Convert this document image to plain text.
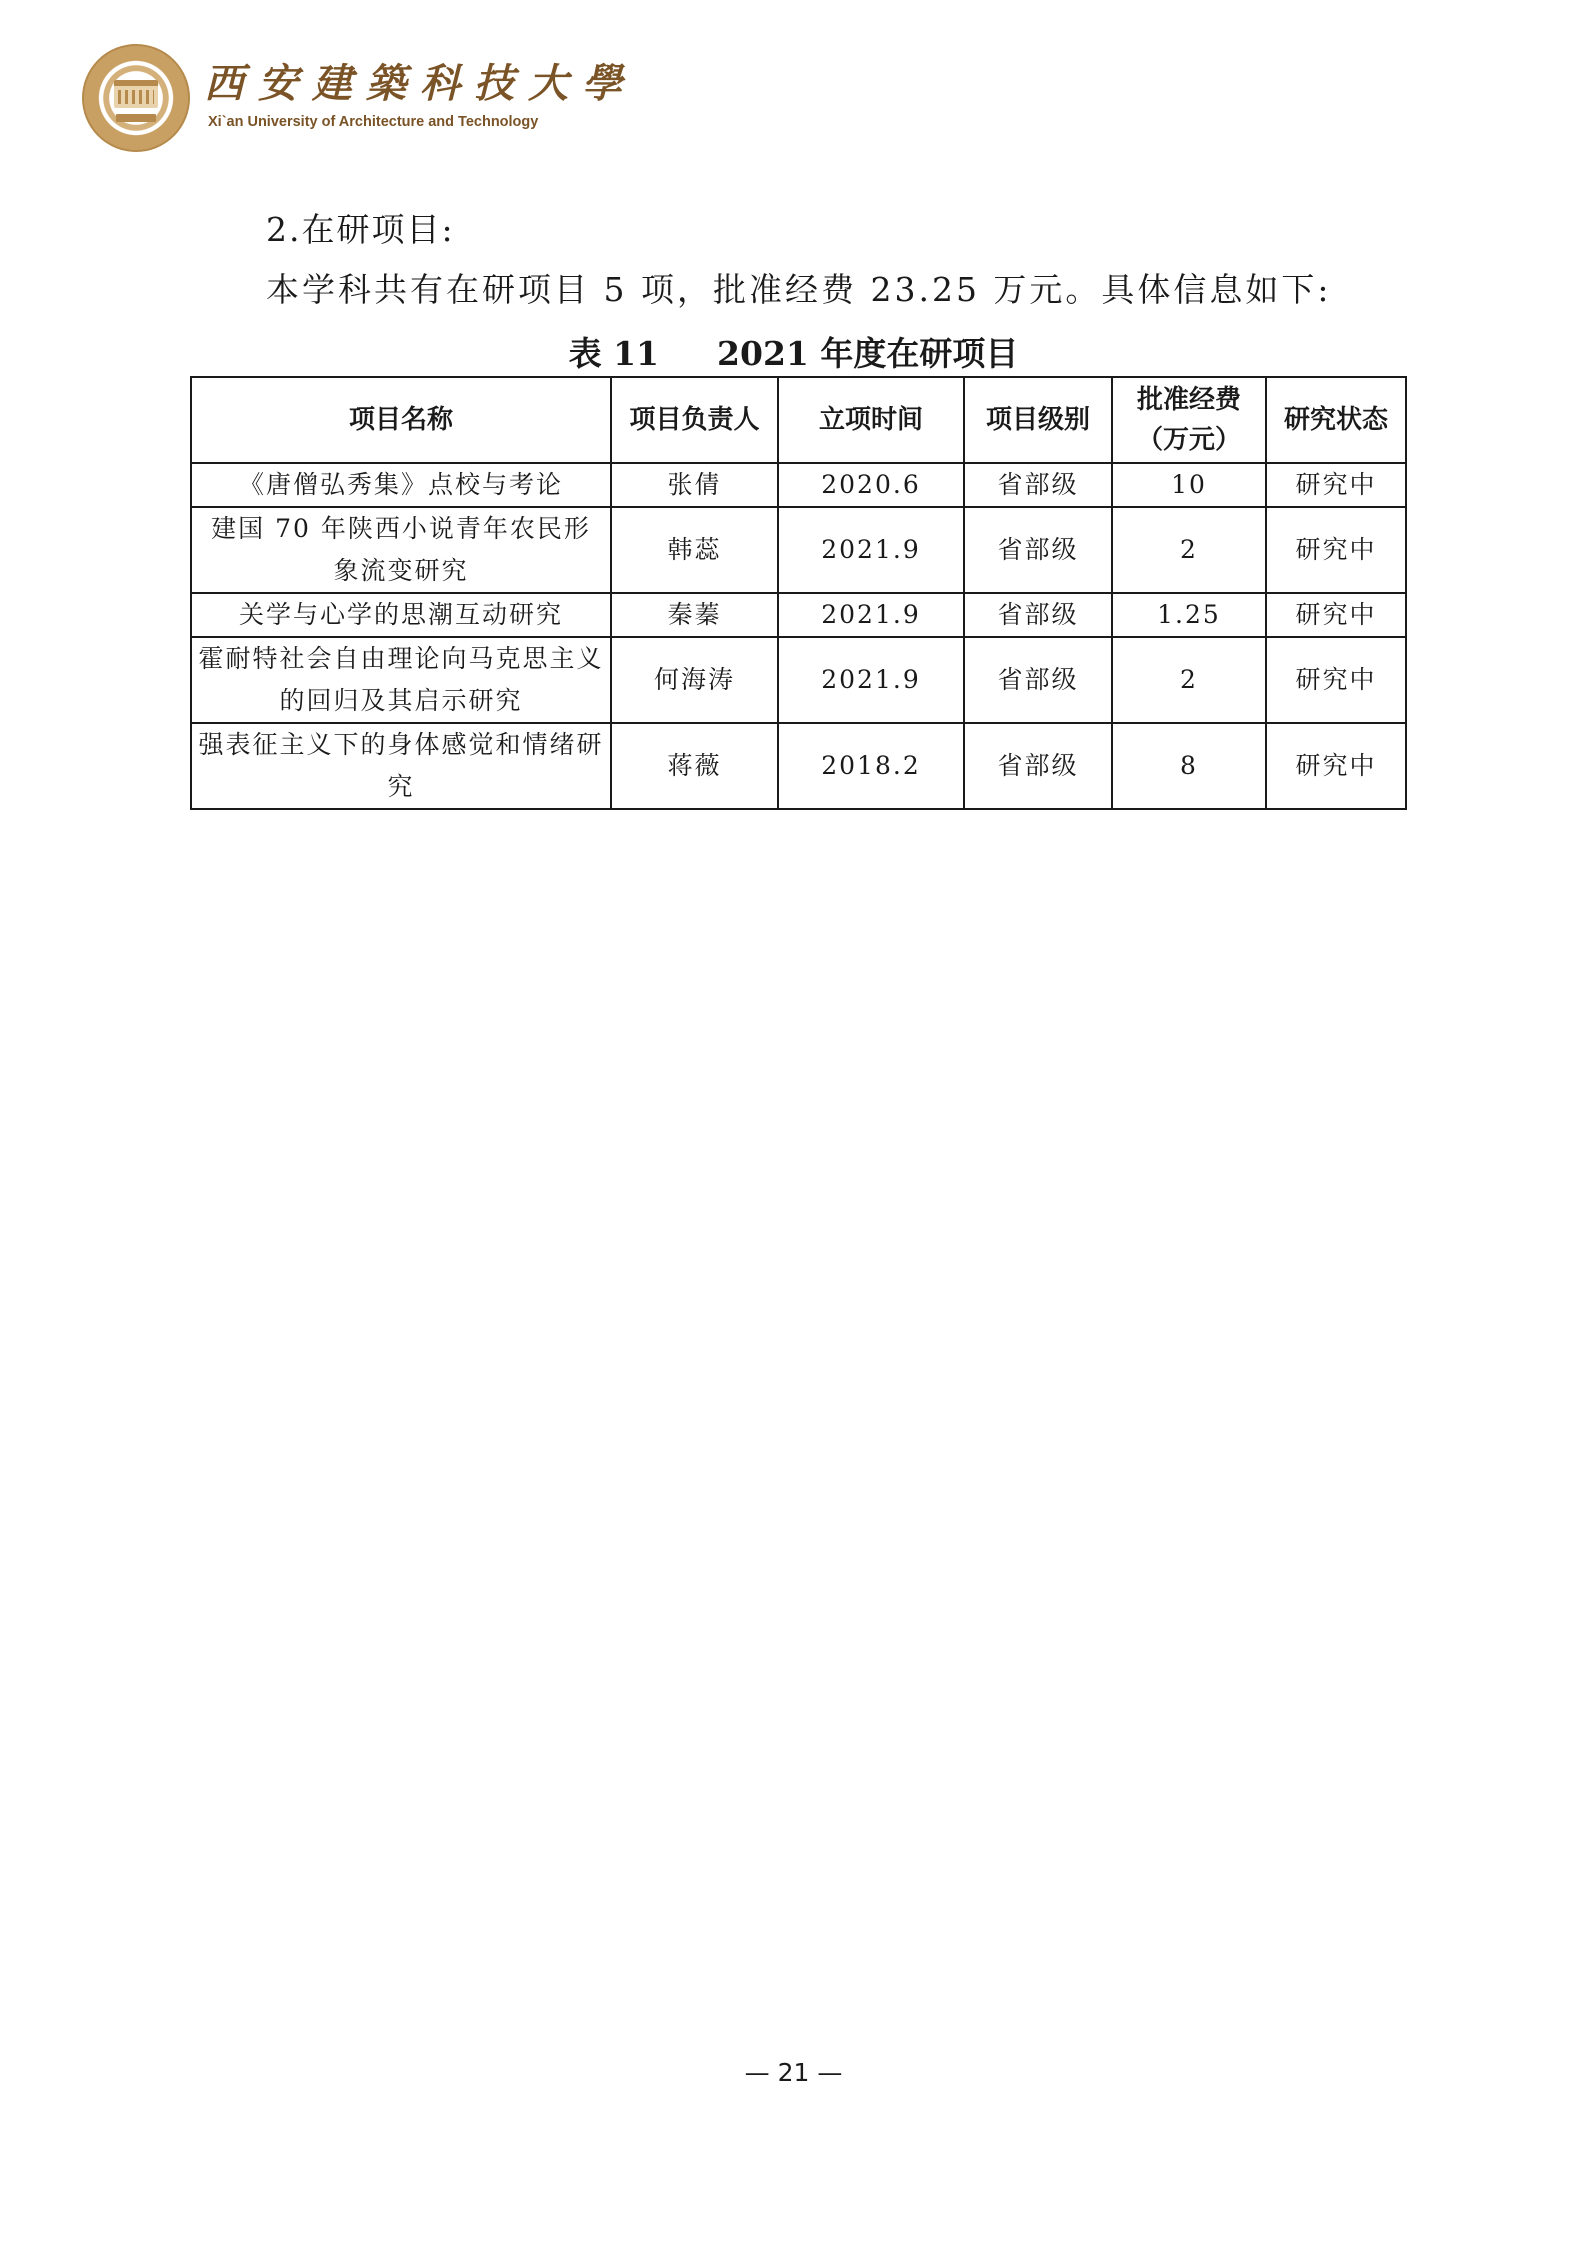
西安建築科技大學
Xi`an University of Architecture and Technology
2.在研项目:
本学科共有在研项目 5 项，批准经费 23.25 万元。具体信息如下:
表 11 2021 年度在研项目
项目名称	项目负责人	立项时间	项目级别	批准经费（万元）	研究状态
《唐僧弘秀集》点校与考论	张倩	2020.6	省部级	10	研究中
建国 70 年陕西小说青年农民形象流变研究	韩蕊	2021.9	省部级	2	研究中
关学与心学的思潮互动研究	秦蓁	2021.9	省部级	1.25	研究中
霍耐特社会自由理论向马克思主义的回归及其启示研究	何海涛	2021.9	省部级	2	研究中
强表征主义下的身体感觉和情绪研究	蒋薇	2018.2	省部级	8	研究中
— 21 —
